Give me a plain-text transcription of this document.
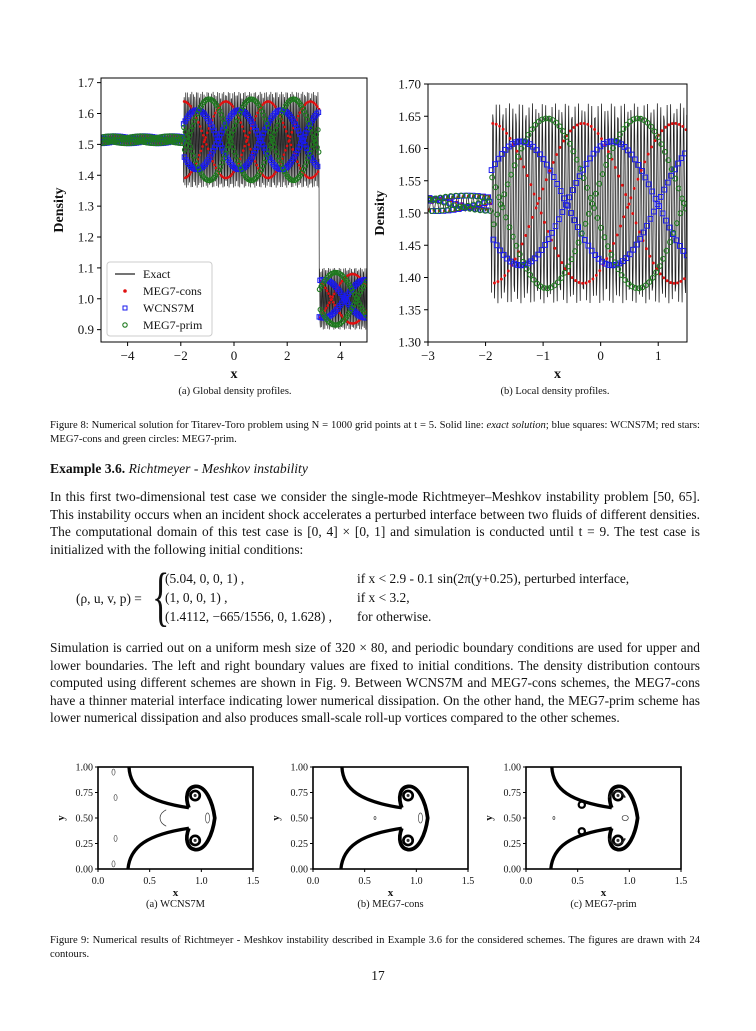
−4	−2	0	2	4
0.9
1.0
1.1
1.2
1.3
1.4
1.5
1.6
1.7
x
Density
Exact
MEG7-cons
WCNS7M
MEG7-prim
−3	−2	−1	0	1
1.30
1.35
1.40
1.45
1.50
1.55
1.60
1.65
1.70
x
Density
(a) Global density profiles.	(b) Local density profiles.
Figure 8: Numerical solution for Titarev-Toro problem using N = 1000 grid points at t = 5. Solid line: exact solution; blue squares: WCNS7M; red stars: MEG7-cons and green circles: MEG7-prim.
Example 3.6. Richtmeyer - Meshkov instability
In this first two-dimensional test case we consider the single-mode Richtmeyer–Meshkov instability problem [50, 65]. This instability occurs when an incident shock accelerates a perturbed interface between two fluids of different densities. The computational domain of this test case is [0, 4] × [0, 1] and simulation is conducted until t = 9. The test case is initialized with the following initial conditions:
(ρ, u, v, p) = {
(5.04, 0, 0, 1) ,	if x < 2.9 - 0.1 sin(2π(y+0.25), perturbed interface,
(1, 0, 0, 1) ,	if x < 3.2,
(1.4112, −665/1556, 0, 1.628) , for otherwise.
Simulation is carried out on a uniform mesh size of 320 × 80, and periodic boundary conditions are used for upper and lower boundaries. The left and right boundary values are fixed to initial conditions. The density distribution contours computed using different schemes are shown in Fig. 9. Between WCNS7M and MEG7-cons schemes, the MEG7-cons have a thinner material interface indicating lower numerical dissipation. On the other hand, the MEG7-prim scheme has lower numerical dissipation and also produces small-scale roll-up vortices compared to the other schemes.
0.0	0.5	1.0	1.5
0.00
0.25
0.50
0.75
1.00
x
y
(a) WCNS7M
0.0	0.5	1.0	1.5
0.00
0.25
0.50
0.75
1.00
x
y
(b) MEG7-cons
0.0	0.5	1.0	1.5
0.00
0.25
0.50
0.75
1.00
x
y
(c) MEG7-prim
Figure 9: Numerical results of Richtmeyer - Meshkov instability described in Example 3.6 for the considered schemes. The figures are drawn with 24 contours.
17
